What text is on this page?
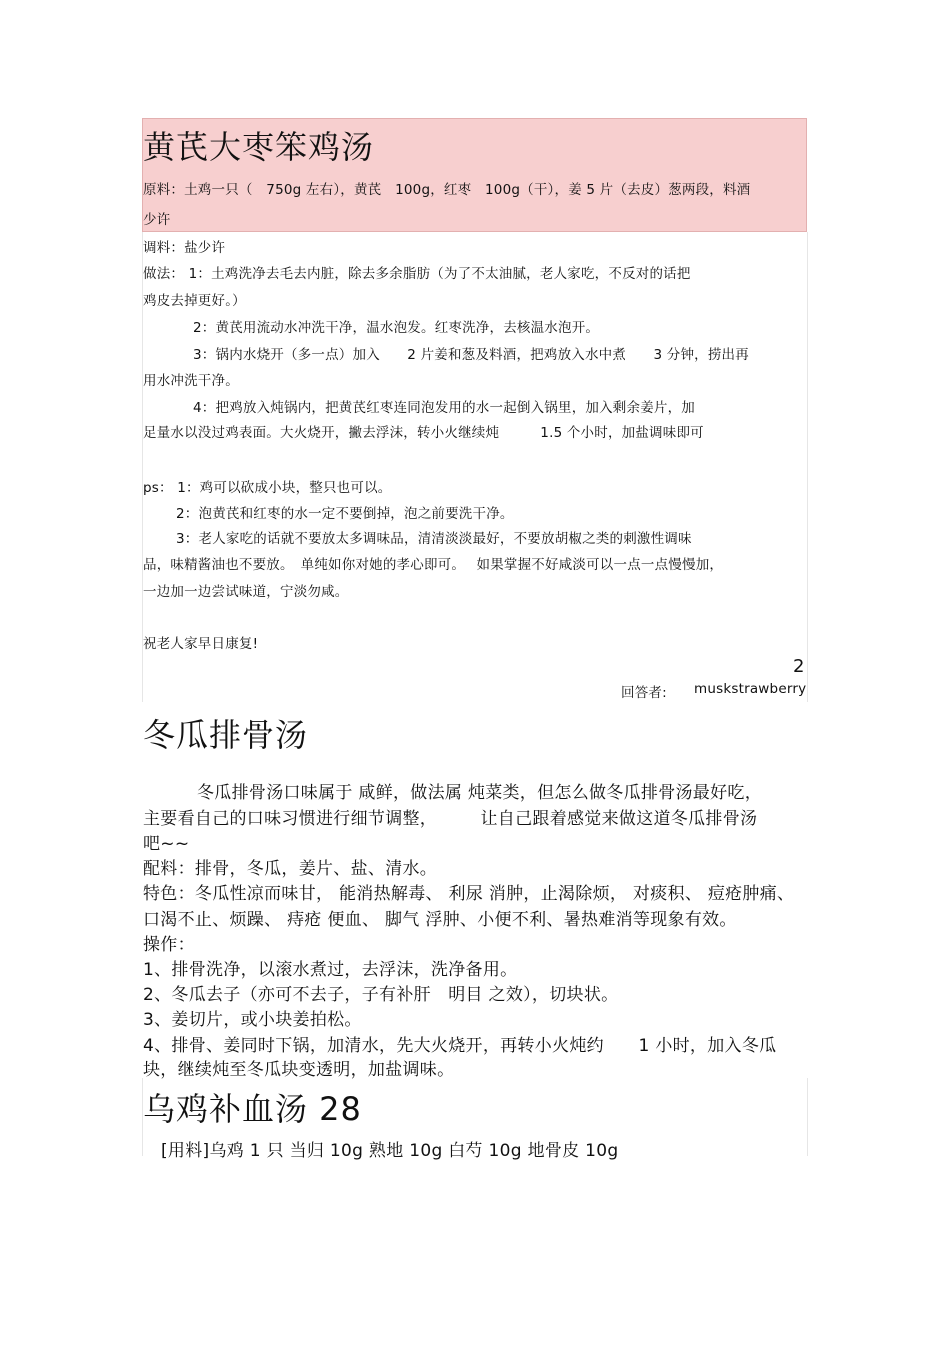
黄芪大枣笨鸡汤
原料：土鸡一只（　750g 左右），黄芪　100g，红枣　100g（干），姜 5 片（去皮）葱两段，料酒
少许
调料：盐少许
做法： 1：土鸡洗净去毛去内脏，除去多余脂肪（为了不太油腻，老人家吃，不反对的话把
鸡皮去掉更好。）
2：黄芪用流动水冲洗干净，温水泡发。红枣洗净，去核温水泡开。
3：锅内水烧开（多一点）加入　　2 片姜和葱及料酒，把鸡放入水中煮　　3 分钟，捞出再
用水冲洗干净。
4：把鸡放入炖锅内，把黄芪红枣连同泡发用的水一起倒入锅里，加入剩余姜片，加
足量水以没过鸡表面。大火烧开，撇去浮沫，转小火继续炖　　　1.5 个小时，加盐调味即可
ps： 1：鸡可以砍成小块，整只也可以。
2：泡黄芪和红枣的水一定不要倒掉，泡之前要洗干净。
3：老人家吃的话就不要放太多调味品，清清淡淡最好，不要放胡椒之类的刺激性调味
品，味精酱油也不要放。　单纯如你对她的孝心即可。　 如果掌握不好咸淡可以一点一点慢慢加，
一边加一边尝试味道，宁淡勿咸。
祝老人家早日康复!
2
回答者: muskstrawberry
冬瓜排骨汤
冬瓜排骨汤口味属于 咸鲜，做法属 炖菜类，但怎么做冬瓜排骨汤最好吃，
主要看自己的口味习惯进行细节调整，　　　让自己跟着感觉来做这道冬瓜排骨汤
吧~~
配料：排骨，冬瓜，姜片、盐、清水。
特色：冬瓜性凉而味甘， 能消热解毒、 利尿 消肿，止渴除烦， 对痰积、 痘疮肿痛、
口渴不止、烦躁、 痔疮 便血、 脚气 浮肿、小便不利、暑热难消等现象有效。
操作：
1、排骨洗净，以滚水煮过，去浮沫，洗净备用。
2、冬瓜去子（亦可不去子，子有补肝　明目 之效），切块状。
3、姜切片，或小块姜拍松。
4、排骨、姜同时下锅，加清水，先大火烧开，再转小火炖约　　1 小时，加入冬瓜
块，继续炖至冬瓜块变透明，加盐调味。
乌鸡补血汤 28
[用料]乌鸡 1 只 当归 10g 熟地 10g 白芍 10g 地骨皮 10g
